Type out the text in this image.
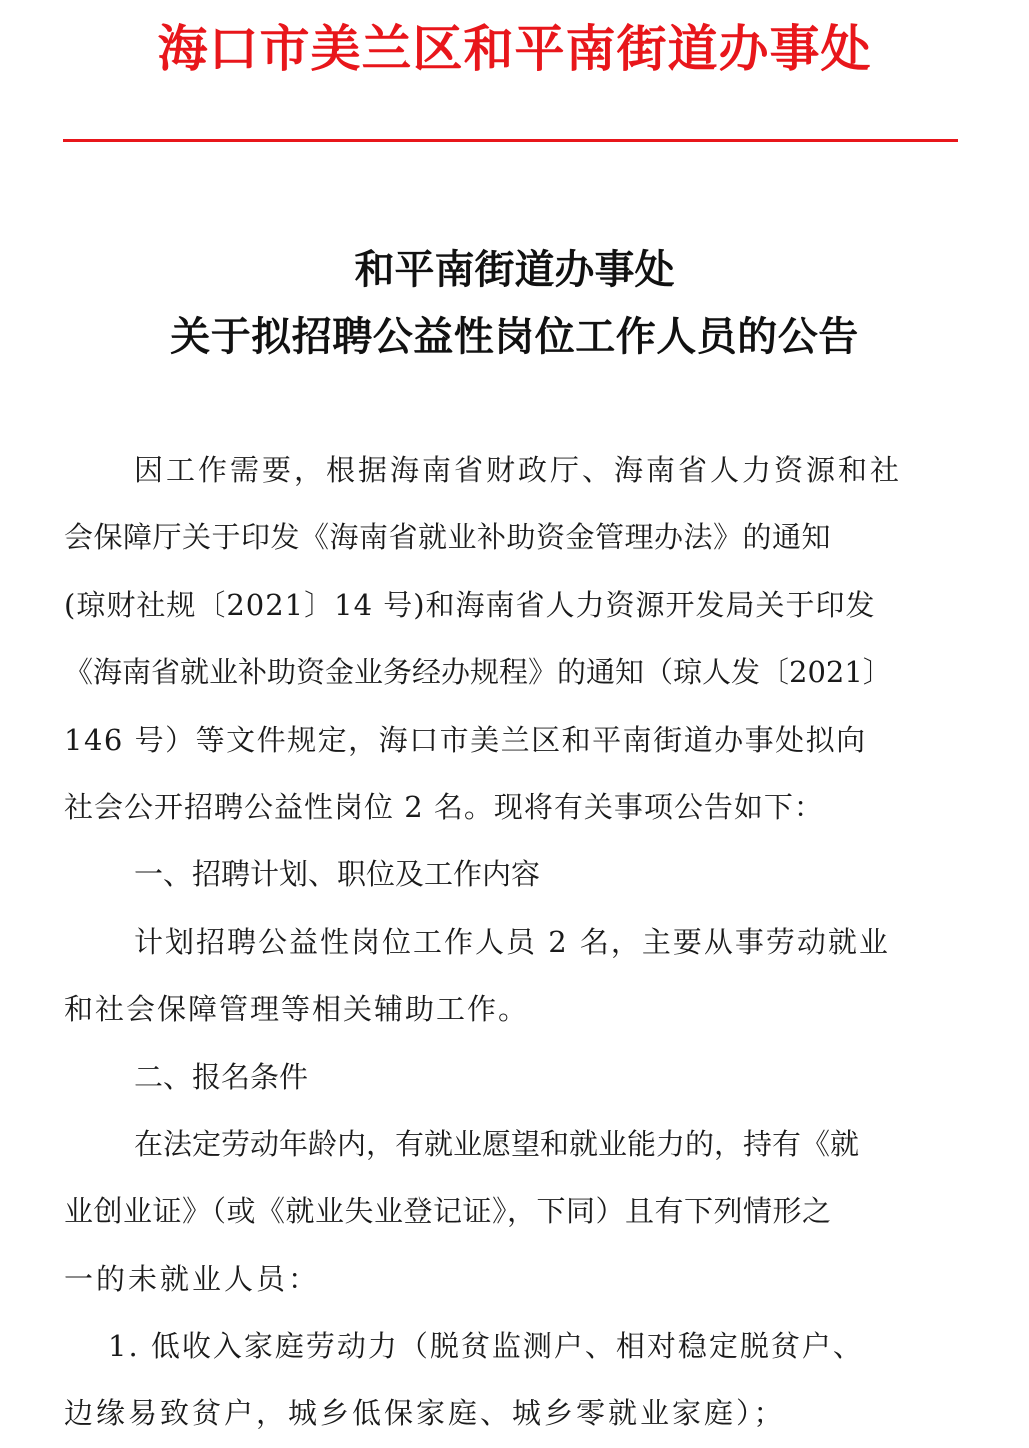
海口市美兰区和平南街道办事处
和平南街道办事处
关于拟招聘公益性岗位工作人员的公告
因工作需要，根据海南省财政厅、海南省人力资源和社
会保障厅关于印发《海南省就业补助资金管理办法》的通知
(琼财社规〔2021〕14 号)和海南省人力资源开发局关于印发
《海南省就业补助资金业务经办规程》的通知（琼人发〔2021〕
146 号）等文件规定，海口市美兰区和平南街道办事处拟向
社会公开招聘公益性岗位 2 名。现将有关事项公告如下：
一、招聘计划、职位及工作内容
计划招聘公益性岗位工作人员 2 名，主要从事劳动就业
和社会保障管理等相关辅助工作。
二、报名条件
在法定劳动年龄内，有就业愿望和就业能力的，持有《就
业创业证》（或《就业失业登记证》，下同）且有下列情形之
一的未就业人员：
1. 低收入家庭劳动力（脱贫监测户、相对稳定脱贫户、
边缘易致贫户，城乡低保家庭、城乡零就业家庭）；
